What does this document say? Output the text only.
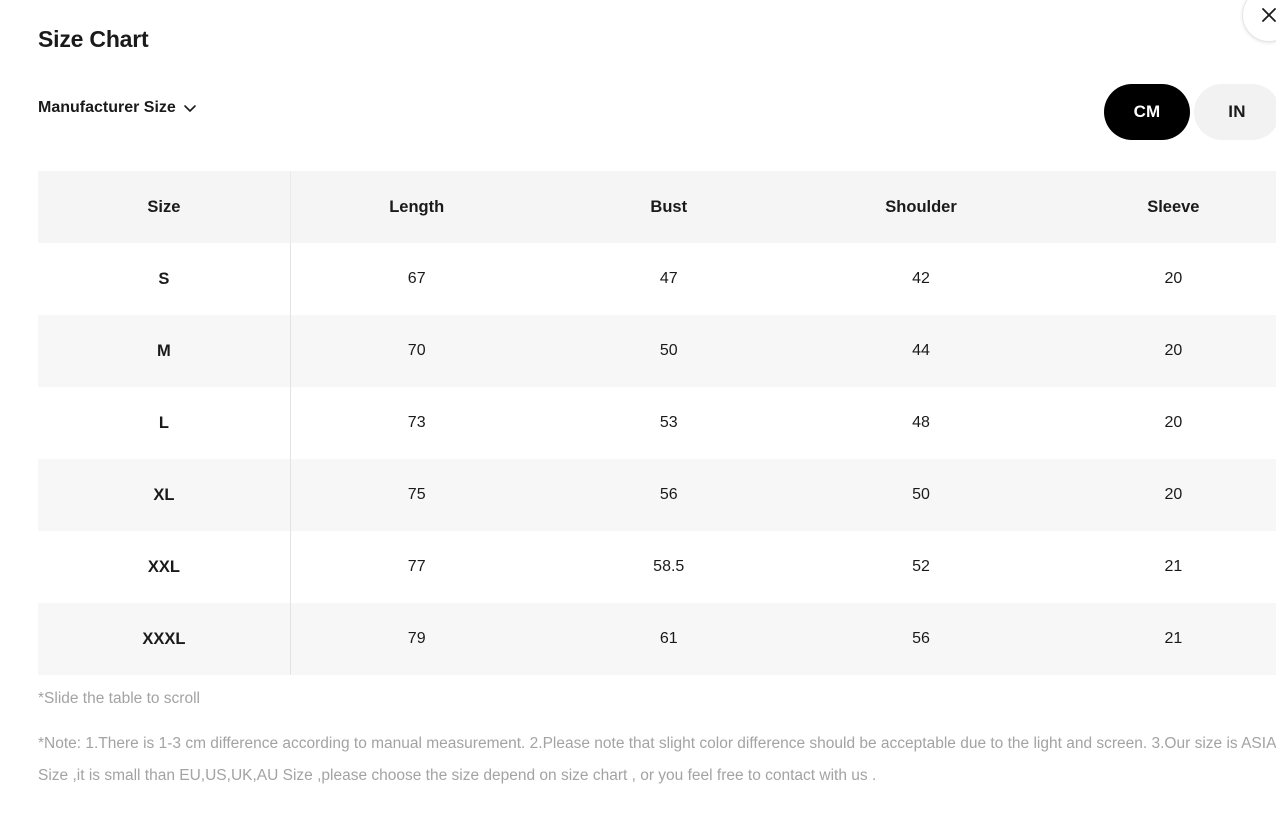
Size Chart
Manufacturer Size	CM	IN
Size	Length	Bust	Shoulder	Sleeve
S	67	47	42	20
M	70	50	44	20
L	73	53	48	20
XL	75	56	50	20
XXL	77	58.5	52	21
XXXL	79	61	56	21
*Slide the table to scroll
*Note: 1.There is 1-3 cm difference according to manual measurement. 2.Please note that slight color difference should be acceptable due to the light and screen. 3.Our size is ASIA Size ,it is small than EU,US,UK,AU Size ,please choose the size depend on size chart , or you feel free to contact with us .
